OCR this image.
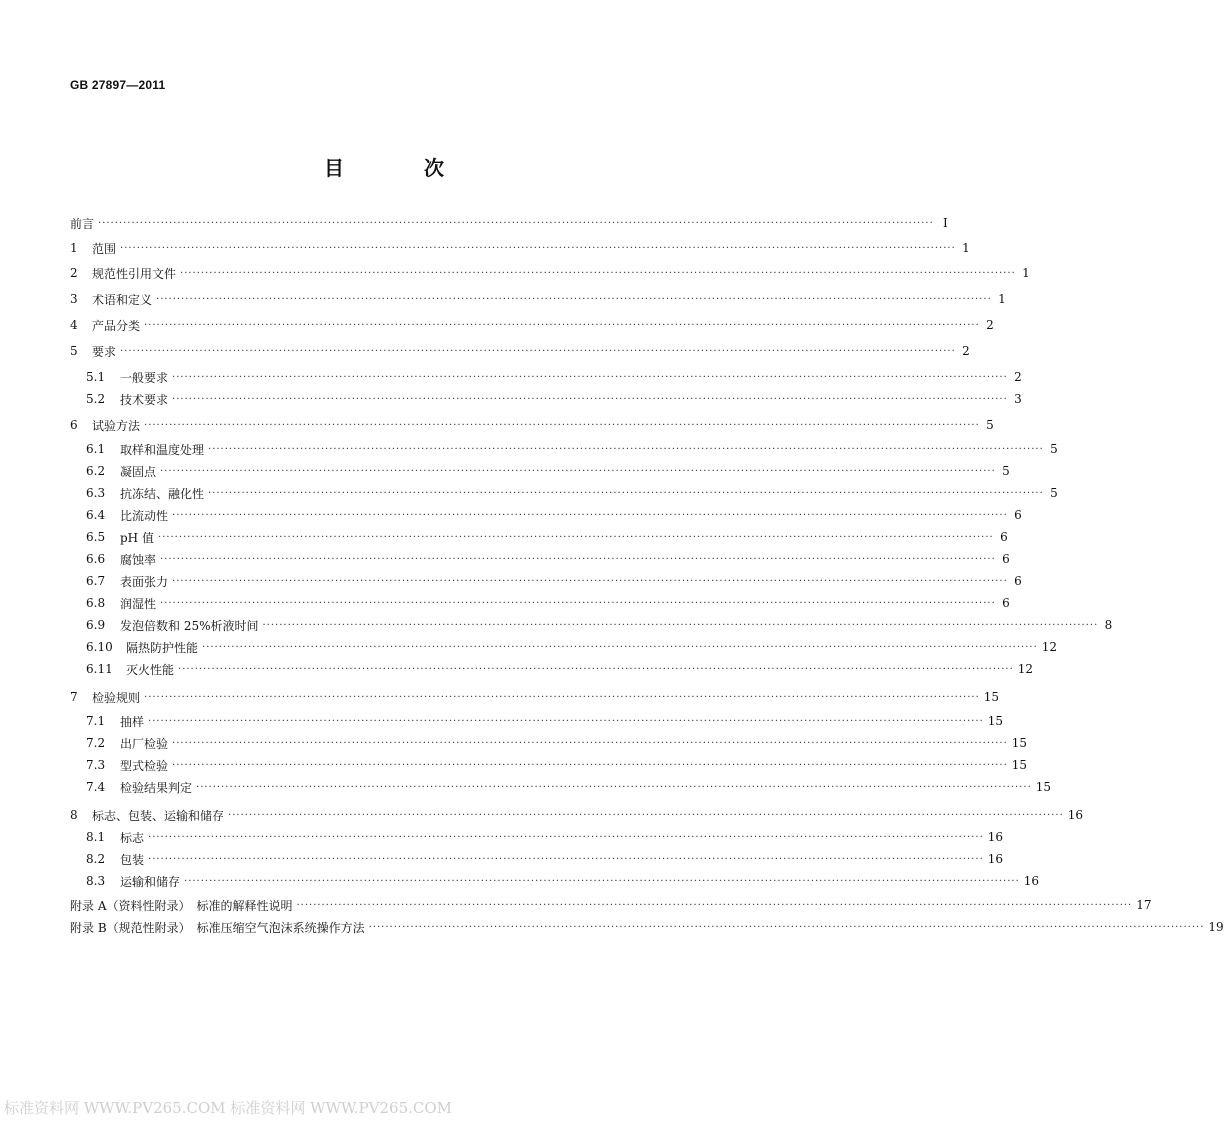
GB 27897—2011
目　次
前言 ········································································································································································································ Ⅰ
1	范围 ········································································································································································································ 1
2	规范性引用文件 ········································································································································································································ 1
3	术语和定义 ········································································································································································································ 1
4	产品分类 ········································································································································································································ 2
5	要求 ········································································································································································································ 2
5.1	一般要求 ········································································································································································································ 2
5.2	技术要求 ········································································································································································································ 3
6	试验方法 ········································································································································································································ 5
6.1	取样和温度处理 ········································································································································································································ 5
6.2	凝固点 ········································································································································································································ 5
6.3	抗冻结、融化性 ········································································································································································································ 5
6.4	比流动性 ········································································································································································································ 6
6.5	pH 值 ········································································································································································································ 6
6.6	腐蚀率 ········································································································································································································ 6
6.7	表面张力 ········································································································································································································ 6
6.8	润湿性 ········································································································································································································ 6
6.9	发泡倍数和 25%析液时间 ········································································································································································································ 8
6.10	隔热防护性能 ········································································································································································································ 12
6.11	灭火性能 ········································································································································································································ 12
7	检验规则 ········································································································································································································ 15
7.1	抽样 ········································································································································································································ 15
7.2	出厂检验 ········································································································································································································ 15
7.3	型式检验 ········································································································································································································ 15
7.4	检验结果判定 ········································································································································································································ 15
8	标志、包装、运输和储存 ········································································································································································································ 16
8.1	标志 ········································································································································································································ 16
8.2	包装 ········································································································································································································ 16
8.3	运输和储存 ········································································································································································································ 16
附录 A（资料性附录）　标准的解释性说明 ········································································································································································································ 17
附录 B（规范性附录）　标准压缩空气泡沫系统操作方法 ········································································································································································································ 19
标准资料网 WWW.PV265.COM 标准资料网 WWW.PV265.COM
